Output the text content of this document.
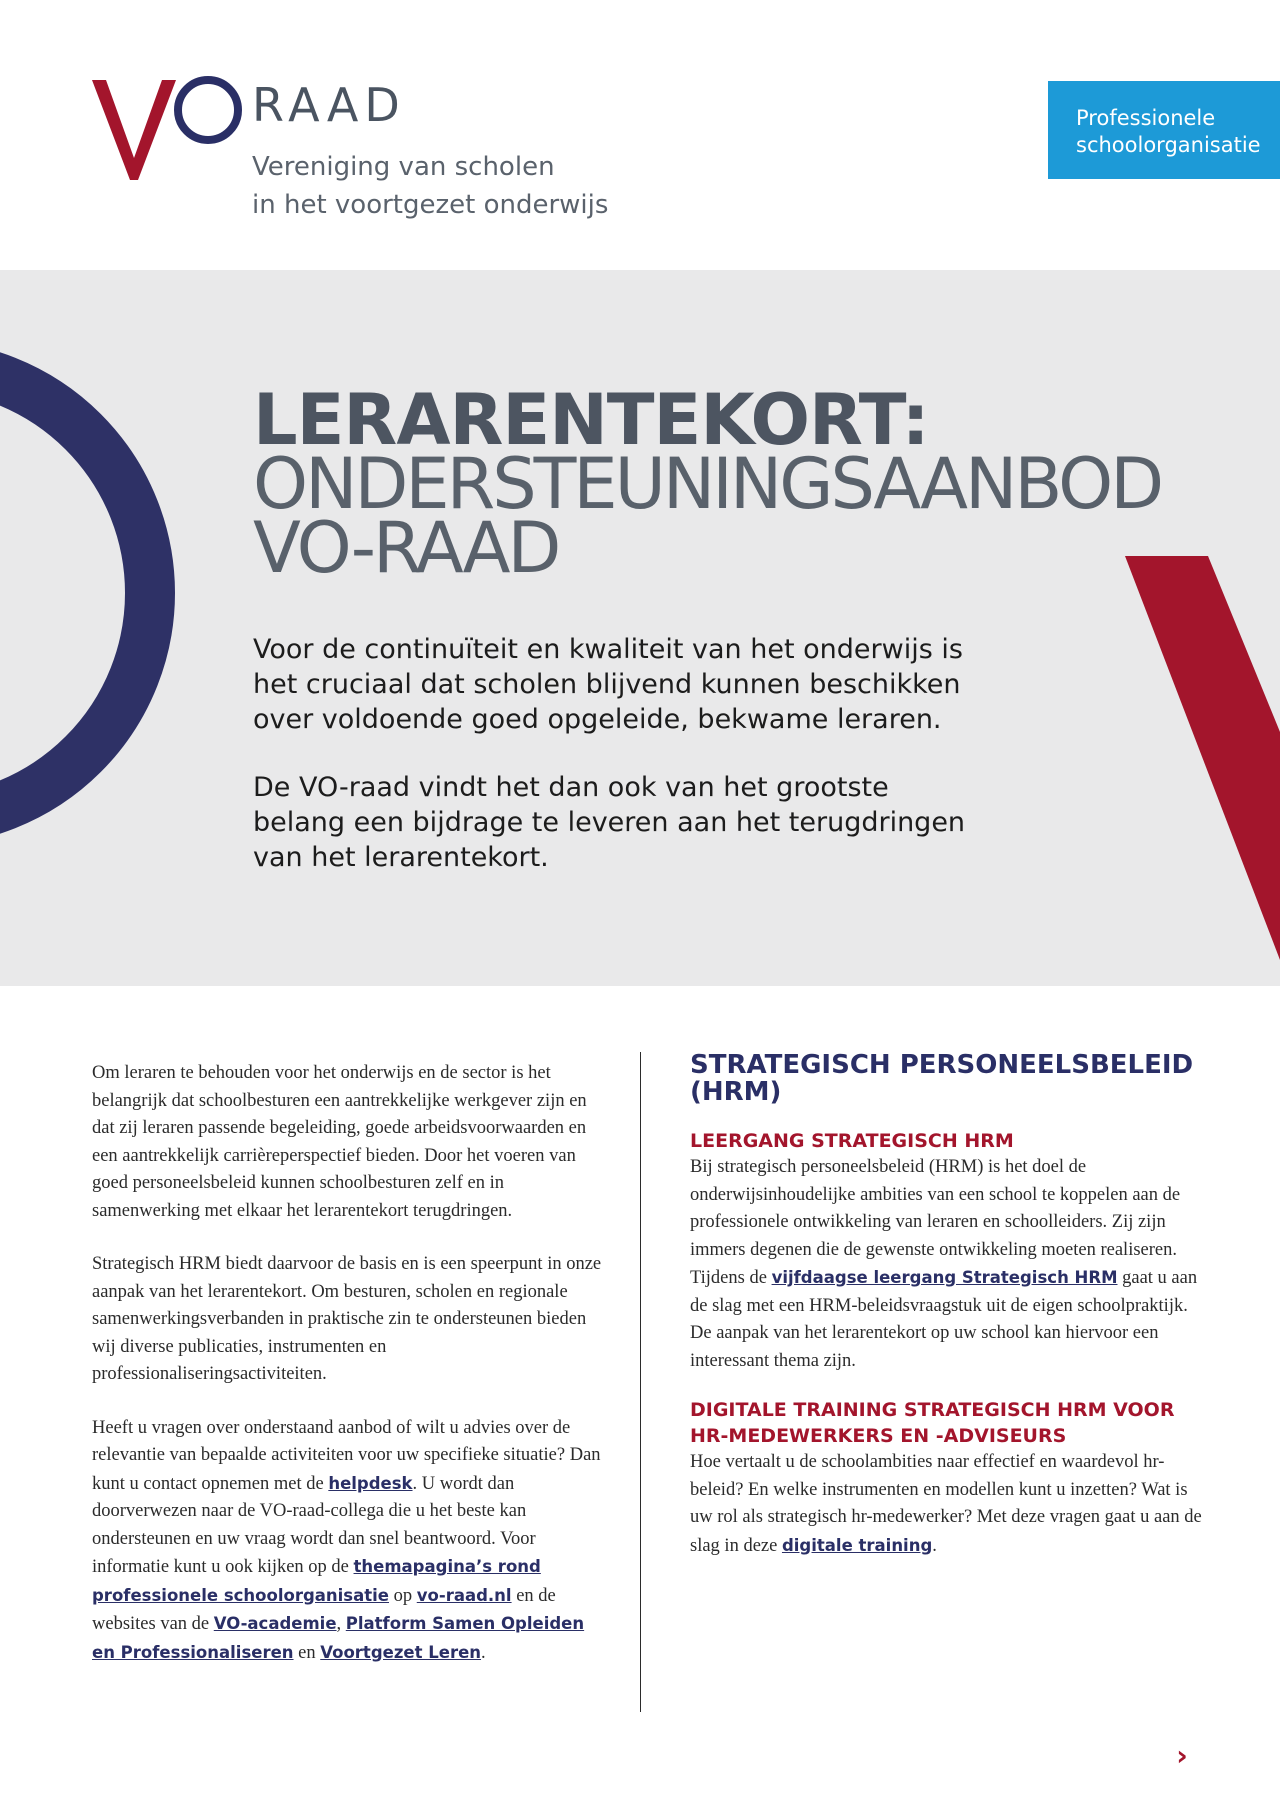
RAAD

Vereniging van scholen
in het voortgezet onderwijs

Professionele
schoolorganisatie
LERARENTEKORT:
ONDERSTEUNINGSAANBOD
VO-RAAD

Voor de continuïteit en kwaliteit van het onderwijs is het cruciaal dat scholen blijvend kunnen beschikken over voldoende goed opgeleide, bekwame leraren.

De VO-raad vindt het dan ook van het grootste belang een bijdrage te leveren aan het terugdringen van het lerarentekort.

Om leraren te behouden voor het onderwijs en de sector is het belangrijk dat schoolbesturen een aantrekkelijke werkgever zijn en dat zij leraren passende begeleiding, goede arbeidsvoorwaarden en een aantrekkelijk carrièreperspectief bieden. Door het voeren van goed personeelsbeleid kunnen schoolbesturen zelf en in samenwerking met elkaar het lerarentekort terugdringen.

Strategisch HRM biedt daarvoor de basis en is een speerpunt in onze aanpak van het lerarentekort. Om besturen, scholen en regionale samenwerkingsverbanden in praktische zin te ondersteunen bieden wij diverse publicaties, instrumenten en professionaliseringsactiviteiten.

Heeft u vragen over onderstaand aanbod of wilt u advies over de relevantie van bepaalde activiteiten voor uw specifieke situatie? Dan kunt u contact opnemen met de helpdesk. U wordt dan doorverwezen naar de VO-raad-collega die u het beste kan ondersteunen en uw vraag wordt dan snel beantwoord. Voor informatie kunt u ook kijken op de themapagina’s rond professionele schoolorganisatie op vo-raad.nl en de websites van de VO-academie, Platform Samen Opleiden en Professionaliseren en Voortgezet Leren.

STRATEGISCH PERSONEELSBELEID (HRM)
LEERGANG STRATEGISCH HRM

Bij strategisch personeelsbeleid (HRM) is het doel de onderwijsinhoudelijke ambities van een school te koppelen aan de professionele ontwikkeling van leraren en schoolleiders. Zij zijn immers degenen die de gewenste ontwikkeling moeten realiseren. Tijdens de vijfdaagse leergang Strategisch HRM gaat u aan de slag met een HRM-beleidsvraagstuk uit de eigen schoolpraktijk. De aanpak van het lerarentekort op uw school kan hiervoor een interessant thema zijn.

DIGITALE TRAINING STRATEGISCH HRM VOOR HR-MEDEWERKERS EN -ADVISEURS

Hoe vertaalt u de schoolambities naar effectief en waardevol hr-beleid? En welke instrumenten en modellen kunt u inzetten? Wat is uw rol als strategisch hr-medewerker? Met deze vragen gaat u aan de slag in deze digitale training.

›
